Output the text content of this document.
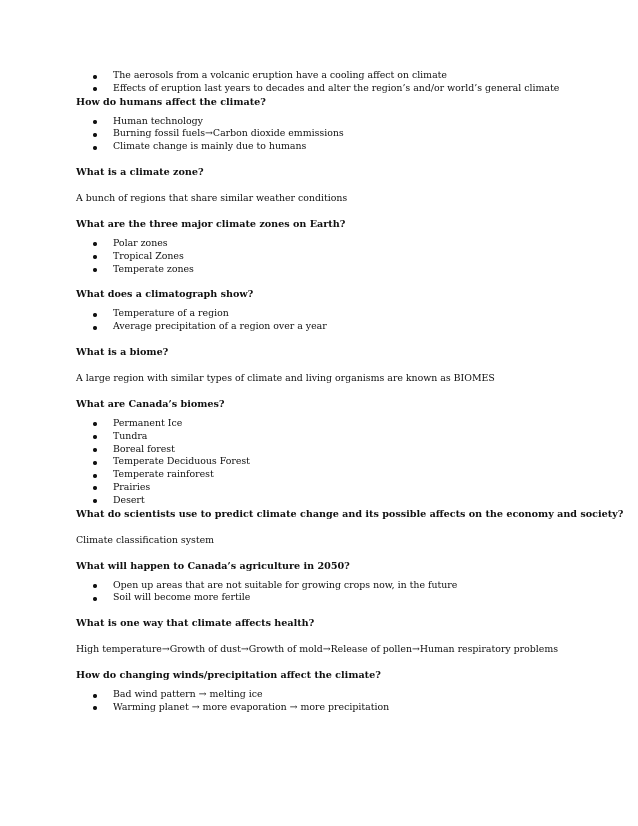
The aerosols from a volcanic eruption have a cooling affect on climate
Effects of eruption last years to decades and alter the region’s and/or world’s general climate

How do humans affect the climate?

Human technology
Burning fossil fuels→Carbon dioxide emmissions
Climate change is mainly due to humans

What is a climate zone?

A bunch of regions that share similar weather conditions

What are the three major climate zones on Earth?

Polar zones
Tropical Zones
Temperate zones

What does a climatograph show?

Temperature of a region
Average precipitation of a region over a year

What is a biome?

A large region with similar types of climate and living organisms are known as BIOMES

What are Canada’s biomes?

Permanent Ice
Tundra
Boreal forest
Temperate Deciduous Forest
Temperate rainforest
Prairies
Desert

What do scientists use to predict climate change and its possible affects on the economy and society?

Climate classification system

What will happen to Canada’s agriculture in 2050?

Open up areas that are not suitable for growing crops now, in the future
Soil will become more fertile

What is one way that climate affects health?

High temperature→Growth of dust→Growth of mold→Release of pollen→Human respiratory problems

How do changing winds/precipitation affect the climate?

Bad wind pattern → melting ice
Warming planet → more evaporation → more precipitation
